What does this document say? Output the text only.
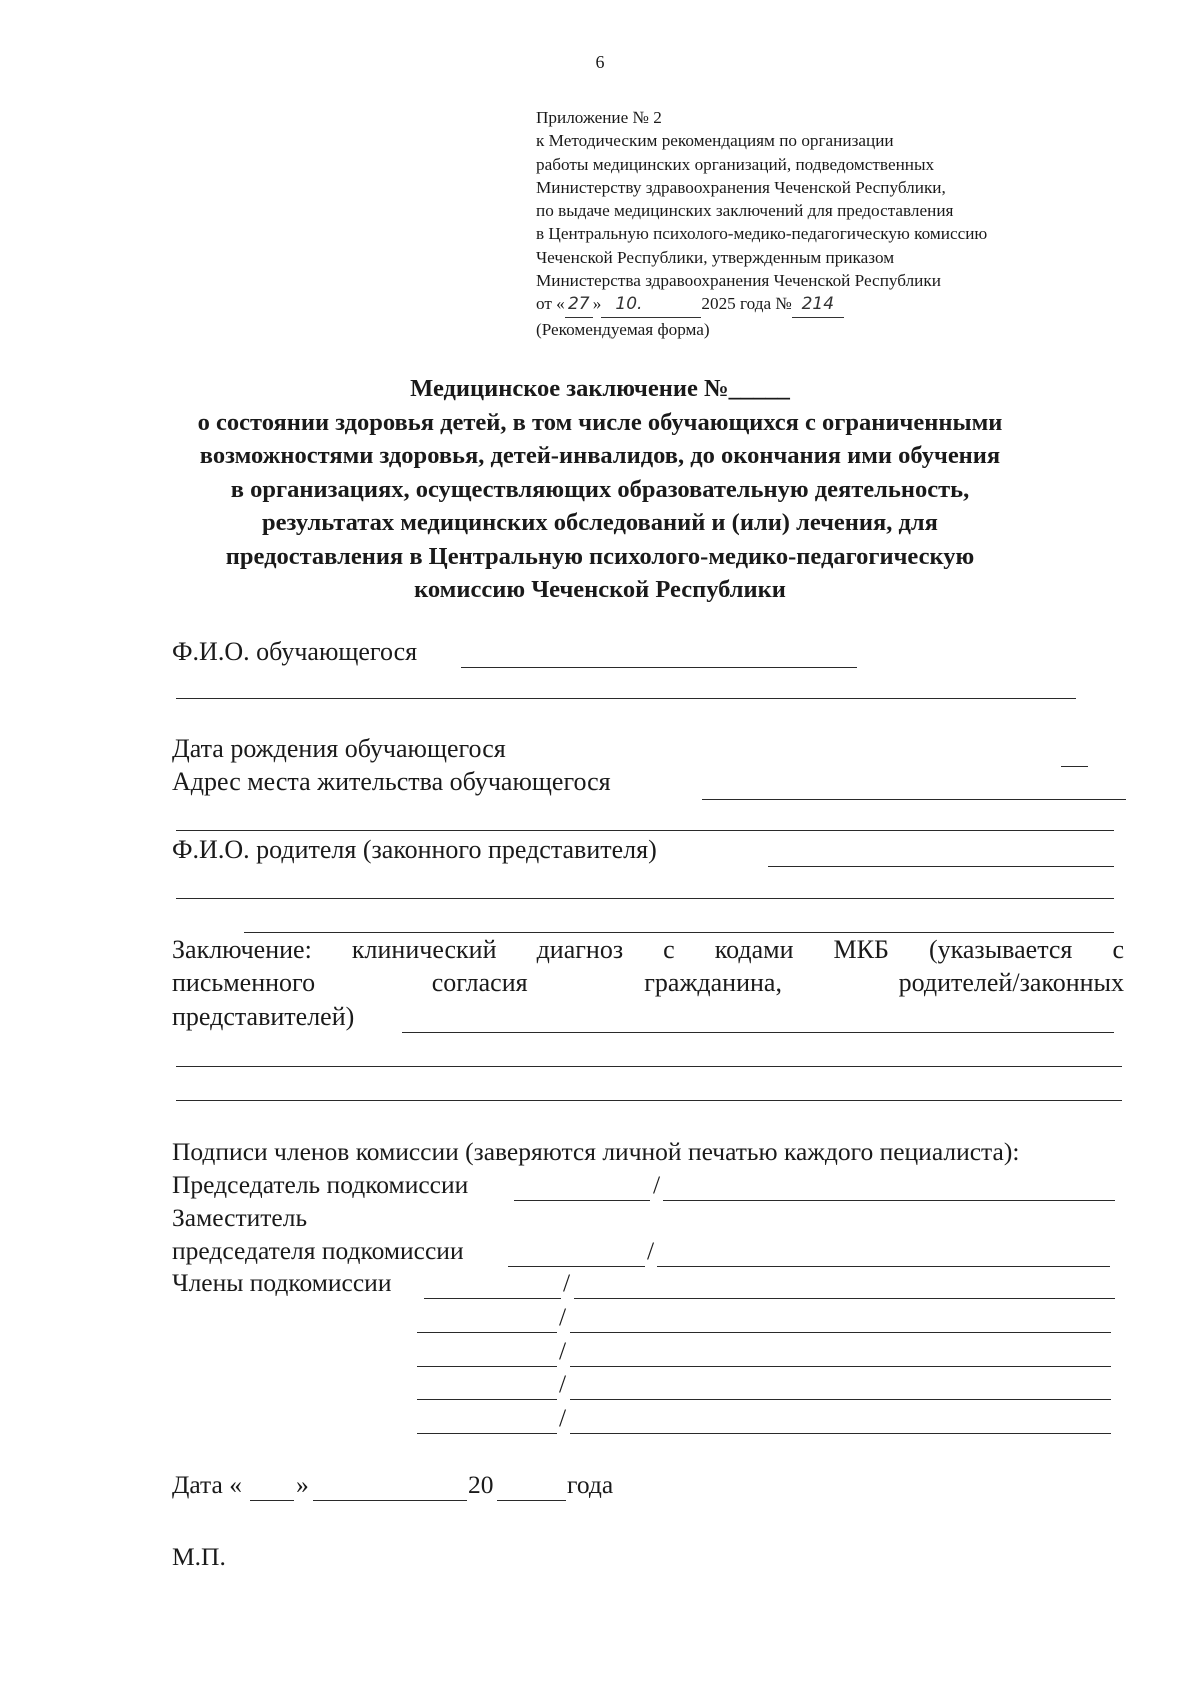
6
Приложение № 2
к Методическим рекомендациям по организации
работы медицинских организаций, подведомственных
Министерству здравоохранения Чеченской Республики,
по выдаче медицинских заключений для предоставления
в Центральную психолого-медико-педагогическую комиссию
Чеченской Республики, утвержденным приказом
Министерства здравоохранения Чеченской Республики
от « 27 » 10.	2025 года № 214
(Рекомендуемая форма)
Медицинское заключение №_____
о состоянии здоровья детей, в том числе обучающихся с ограниченными
возможностями здоровья, детей-инвалидов, до окончания ими обучения
в организациях, осуществляющих образовательную деятельность,
результатах медицинских обследований и (или) лечения, для
предоставления в Центральную психолого-медико-педагогическую
комиссию Чеченской Республики
Ф.И.О. обучающегося
Дата рождения обучающегося
Адрес места жительства обучающегося
Ф.И.О. родителя (законного представителя)
Заключение: клинический диагноз с кодами МКБ (указывается с
письменного	согласия	гражданина,	родителей/законных
представителей)
Подписи членов комиссии (заверяются личной печатью каждого пециалиста):
Председатель подкомиссии	/
Заместитель
председателя подкомиссии	/
Члены подкомиссии	/
/
/
/
/
Дата « »	20	года
М.П.
